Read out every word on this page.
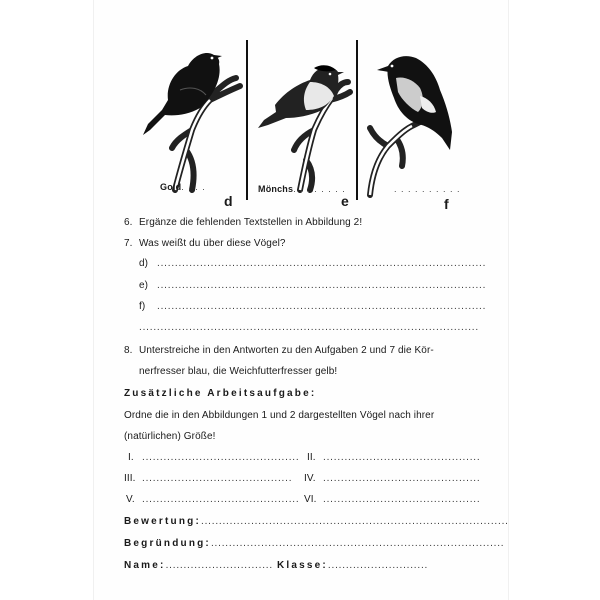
Gold. . . .
d
Mönchs. . . . . . . .
e
. . . . . . . . . .
f
6. Ergänze die fehlenden Textstellen in Abbildung 2!
7. Was weißt du über diese Vögel?
d) ............................................................................................
e) ............................................................................................
f) ............................................................................................
...............................................................................................
8. Unterstreiche in den Antworten zu den Aufgaben 2 und 7 die Kör-
nerfresser blau, die Weichfutterfresser gelb!
Zusätzliche Arbeitsaufgabe:
Ordne die in den Abbildungen 1 und 2 dargestellten Vögel nach ihrer
(natürlichen) Größe!
I. ............................................ II. ............................................
III. .......................................... IV. ............................................
V. ............................................ VI. ............................................
Bewertung:......................................................................................
Begründung:..................................................................................
Name:.............................. Klasse:............................
